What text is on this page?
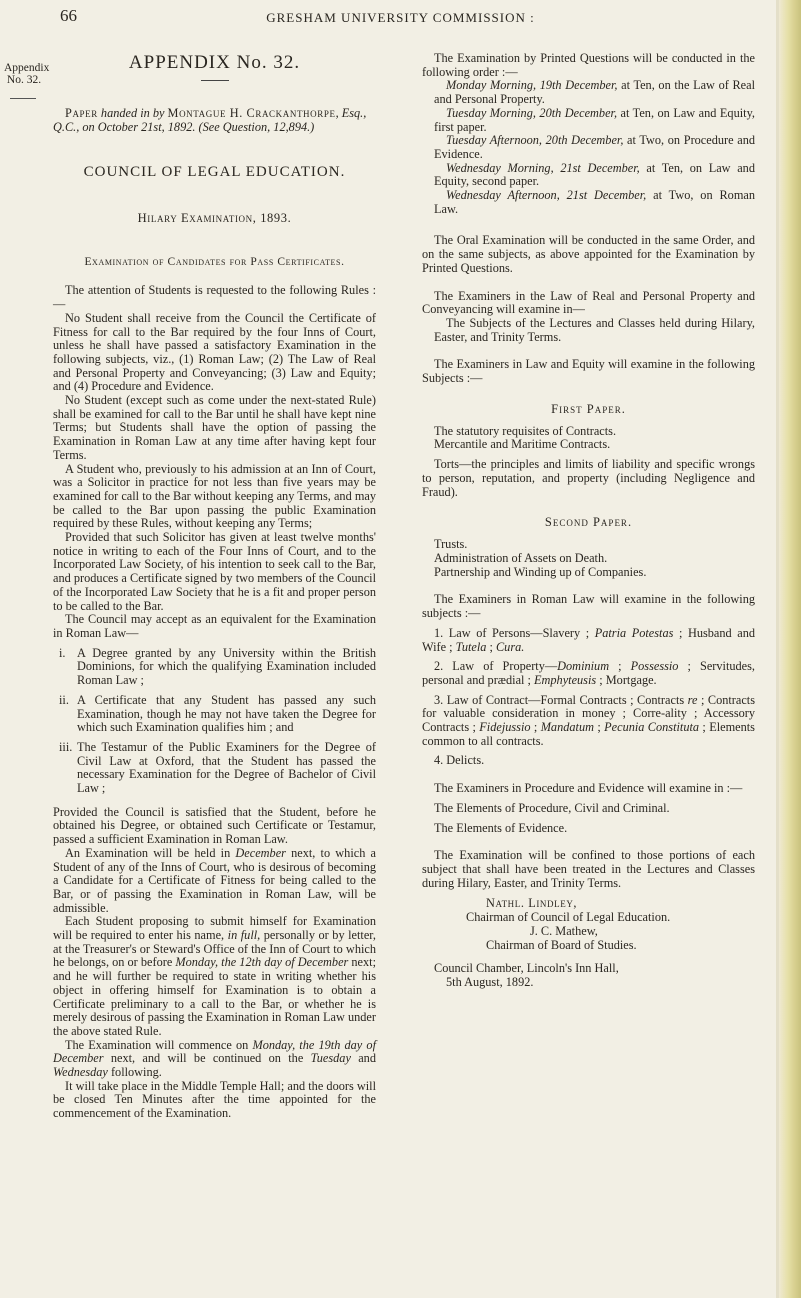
66	GRESHAM UNIVERSITY COMMISSION :
Appendix
No. 32.
APPENDIX No. 32.

Paper handed in by Montague H. Crackanthorpe, Esq.,

Q.C., on October 21st, 1892. (See Question, 12,894.)

COUNCIL OF LEGAL EDUCATION.
Hilary Examination, 1893.
Examination of Candidates for Pass Certificates.

The attention of Students is requested to the following Rules :—

No Student shall receive from the Council the Certificate of Fitness for call to the Bar required by the four Inns of Court, unless he shall have passed a satisfactory Examination in the following subjects, viz., (1) Roman Law; (2) The Law of Real and Personal Property and Conveyancing; (3) Law and Equity; and (4) Procedure and Evidence.

No Student (except such as come under the next-stated Rule) shall be examined for call to the Bar until he shall have kept nine Terms; but Students shall have the option of passing the Examination in Roman Law at any time after having kept four Terms.

A Student who, previously to his admission at an Inn of Court, was a Solicitor in practice for not less than five years may be examined for call to the Bar without keeping any Terms, and may be called to the Bar upon passing the public Examination required by these Rules, without keeping any Terms;

Provided that such Solicitor has given at least twelve months' notice in writing to each of the Four Inns of Court, and to the Incorporated Law Society, of his intention to seek call to the Bar, and produces a Certificate signed by two members of the Council of the Incorporated Law Society that he is a fit and proper person to be called to the Bar.

The Council may accept as an equivalent for the Examination in Roman Law—

i. A Degree granted by any University within the British Dominions, for which the qualifying Examination included Roman Law ;
ii. A Certificate that any Student has passed any such Examination, though he may not have taken the Degree for which such Examination qualifies him ; and
iii. The Testamur of the Public Examiners for the Degree of Civil Law at Oxford, that the Student has passed the necessary Examination for the Degree of Bachelor of Civil Law ;

Provided the Council is satisfied that the Student, before he obtained his Degree, or obtained such Certificate or Testamur, passed a sufficient Examination in Roman Law.

An Examination will be held in December next, to which a Student of any of the Inns of Court, who is desirous of becoming a Candidate for a Certificate of Fitness for being called to the Bar, or of passing the Examination in Roman Law, will be admissible.

Each Student proposing to submit himself for Examination will be required to enter his name, in full, personally or by letter, at the Treasurer's or Steward's Office of the Inn of Court to which he belongs, on or before Monday, the 12th day of December next; and he will further be required to state in writing whether his object in offering himself for Examination is to obtain a Certificate preliminary to a call to the Bar, or whether he is merely desirous of passing the Examination in Roman Law under the above stated Rule.

The Examination will commence on Monday, the 19th day of December next, and will be continued on the Tuesday and Wednesday following.

It will take place in the Middle Temple Hall; and the doors will be closed Ten Minutes after the time appointed for the commencement of the Examination.

The Examination by Printed Questions will be conducted in the following order :—

Monday Morning, 19th December, at Ten, on the Law of Real and Personal Property.

Tuesday Morning, 20th December, at Ten, on Law and Equity, first paper.

Tuesday Afternoon, 20th December, at Two, on Procedure and Evidence.

Wednesday Morning, 21st December, at Ten, on Law and Equity, second paper.

Wednesday Afternoon, 21st December, at Two, on Roman Law.

The Oral Examination will be conducted in the same Order, and on the same subjects, as above appointed for the Examination by Printed Questions.

The Examiners in the Law of Real and Personal Property and Conveyancing will examine in—

The Subjects of the Lectures and Classes held during Hilary, Easter, and Trinity Terms.

The Examiners in Law and Equity will examine in the following Subjects :—

First Paper.

The statutory requisites of Contracts.

Mercantile and Maritime Contracts.

Torts—the principles and limits of liability and specific wrongs to person, reputation, and property (including Negligence and Fraud).

Second Paper.

Trusts.

Administration of Assets on Death.

Partnership and Winding up of Companies.

The Examiners in Roman Law will examine in the following subjects :—

1. Law of Persons—Slavery ; Patria Potestas ; Husband and Wife ; Tutela ; Cura.

2. Law of Property—Dominium ; Possessio ; Servitudes, personal and prædial ; Emphyteusis ; Mortgage.

3. Law of Contract—Formal Contracts ; Contracts re ; Contracts for valuable consideration in money ; Corre-ality ; Accessory Contracts ; Fidejussio ; Mandatum ; Pecunia Constituta ; Elements common to all contracts.

4. Delicts.

The Examiners in Procedure and Evidence will examine in :—

The Elements of Procedure, Civil and Criminal.

The Elements of Evidence.

The Examination will be confined to those portions of each subject that shall have been treated in the Lectures and Classes during Hilary, Easter, and Trinity Terms.

Nathl. Lindley,
Chairman of Council of Legal Education.
J. C. Mathew,
Chairman of Board of Studies.

Council Chamber, Lincoln's Inn Hall,

5th August, 1892.
